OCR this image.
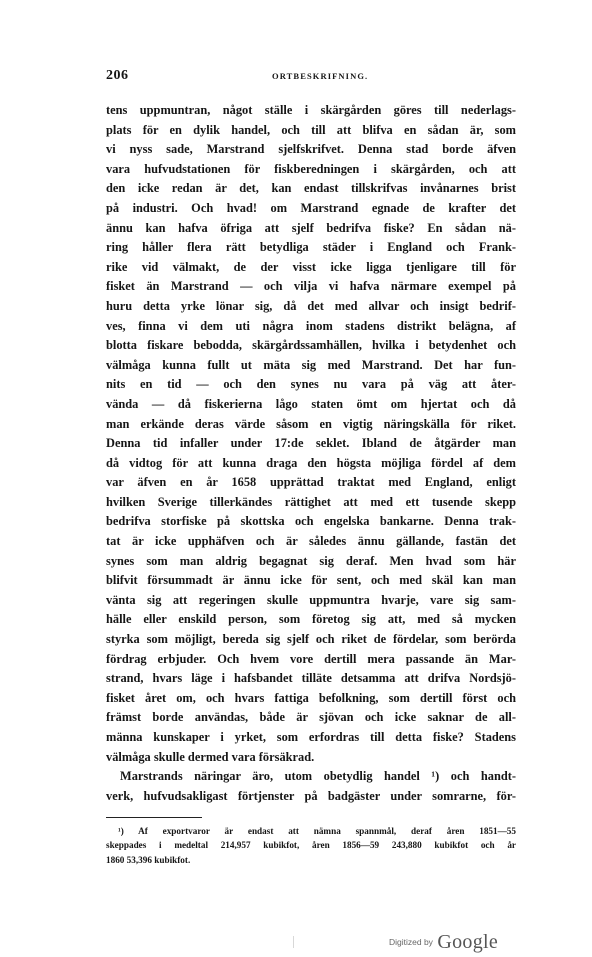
206	ORTBESKRIFNING.
tens uppmuntran, något ställe i skärgården göres till nederlags-
plats för en dylik handel, och till att blifva en sådan är, som
vi nyss sade, Marstrand sjelfskrifvet. Denna stad borde äfven
vara hufvudstationen för fiskberedningen i skärgården, och att
den icke redan är det, kan endast tillskrifvas invånarnes brist
på industri. Och hvad! om Marstrand egnade de krafter det
ännu kan hafva öfriga att sjelf bedrifva fiske? En sådan nä-
ring håller flera rätt betydliga städer i England och Frank-
rike vid välmakt, de der visst icke ligga tjenligare till för
fisket än Marstrand — och vilja vi hafva närmare exempel på
huru detta yrke lönar sig, då det med allvar och insigt bedrif-
ves, finna vi dem uti några inom stadens distrikt belägna, af
blotta fiskare bebodda, skärgårdssamhällen, hvilka i betydenhet och
välmåga kunna fullt ut mäta sig med Marstrand. Det har fun-
nits en tid — och den synes nu vara på väg att åter-
vända — då fiskerierna lågo staten ömt om hjertat och då
man erkände deras värde såsom en vigtig näringskälla för riket.
Denna tid infaller under 17:de seklet. Ibland de åtgärder man
då vidtog för att kunna draga den högsta möjliga fördel af dem
var äfven en år 1658 upprättad traktat med England, enligt
hvilken Sverige tillerkändes rättighet att med ett tusende skepp
bedrifva storfiske på skottska och engelska bankarne. Denna trak-
tat är icke upphäfven och är således ännu gällande, fastän det
synes som man aldrig begagnat sig deraf. Men hvad som här
blifvit försummadt är ännu icke för sent, och med skäl kan man
vänta sig att regeringen skulle uppmuntra hvarje, vare sig sam-
hälle eller enskild person, som företog sig att, med så mycken
styrka som möjligt, bereda sig sjelf och riket de fördelar, som berörda
fördrag erbjuder. Och hvem vore dertill mera passande än Mar-
strand, hvars läge i hafsbandet tilläte detsamma att drifva Nordsjö-
fisket året om, och hvars fattiga befolkning, som dertill först och
främst borde användas, både är sjövan och icke saknar de all-
männa kunskaper i yrket, som erfordras till detta fiske? Stadens
välmåga skulle dermed vara försäkrad.
Marstrands näringar äro, utom obetydlig handel ¹) och handt-
verk, hufvudsakligast förtjenster på badgäster under somrarne, för-
¹) Af exportvaror är endast att nämna spannmål, deraf åren 1851—55
skeppades i medeltal 214,957 kubikfot, åren 1856—59 243,880 kubikfot och år
1860 53,396 kubikfot.
Digitized by Google
